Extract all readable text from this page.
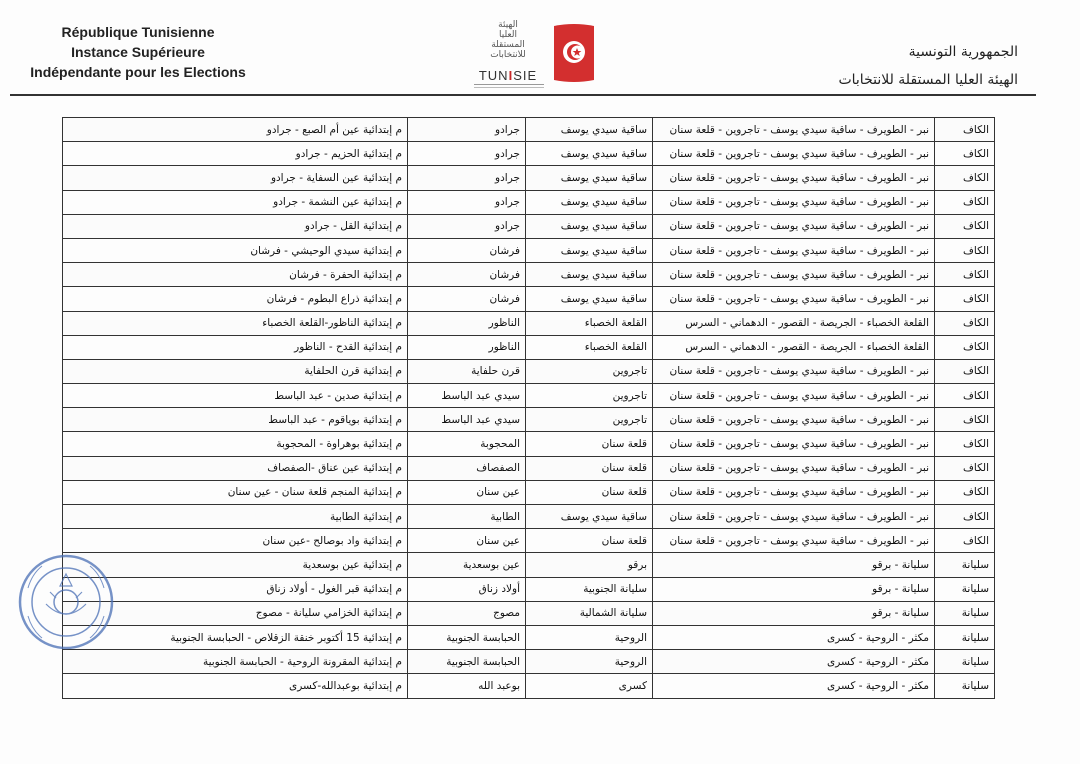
République Tunisienne
Instance Supérieure
Indépendante pour les Elections
الهيئة
العليا
المستقلة
للانتخابات
TUNISIE
الجمهورية التونسية
الهيئة العليا المستقلة للانتخابات
الكاف	نبر - الطويرف - ساقية سيدي يوسف - تاجروين - قلعة سنان	ساقية سيدي يوسف	جرادو	م إبتدائية عين أم الصبع - جرادو
الكاف	نبر - الطويرف - ساقية سيدي يوسف - تاجروين - قلعة سنان	ساقية سيدي يوسف	جرادو	م إبتدائية الحزيم - جرادو
الكاف	نبر - الطويرف - ساقية سيدي يوسف - تاجروين - قلعة سنان	ساقية سيدي يوسف	جرادو	م إبتدائية عين السفاية - جرادو
الكاف	نبر - الطويرف - ساقية سيدي يوسف - تاجروين - قلعة سنان	ساقية سيدي يوسف	جرادو	م إبتدائية عين النشمة - جرادو
الكاف	نبر - الطويرف - ساقية سيدي يوسف - تاجروين - قلعة سنان	ساقية سيدي يوسف	جرادو	م إبتدائية القل - جرادو
الكاف	نبر - الطويرف - ساقية سيدي يوسف - تاجروين - قلعة سنان	ساقية سيدي يوسف	فرشان	م إبتدائية سيدي الوحيشي - فرشان
الكاف	نبر - الطويرف - ساقية سيدي يوسف - تاجروين - قلعة سنان	ساقية سيدي يوسف	فرشان	م إبتدائية الحفرة - فرشان
الكاف	نبر - الطويرف - ساقية سيدي يوسف - تاجروين - قلعة سنان	ساقية سيدي يوسف	فرشان	م إبتدائية ذراع البطوم - فرشان
الكاف	القلعة الخصباء - الجريصة - القصور - الدهماني - السرس	القلعة الخصباء	الناظور	م إبتدائية الناظور-القلعة الخصباء
الكاف	القلعة الخصباء - الجريصة - القصور - الدهماني - السرس	القلعة الخصباء	الناظور	م إبتدائية القدح - الناظور
الكاف	نبر - الطويرف - ساقية سيدي يوسف - تاجروين - قلعة سنان	تاجروين	قرن حلفاية	م إبتدائية قرن الحلفاية
الكاف	نبر - الطويرف - ساقية سيدي يوسف - تاجروين - قلعة سنان	تاجروين	سيدي عبد الباسط	م إبتدائية صدين - عبد الباسط
الكاف	نبر - الطويرف - ساقية سيدي يوسف - تاجروين - قلعة سنان	تاجروين	سيدي عبد الباسط	م إبتدائية بوياقوم - عبد الباسط
الكاف	نبر - الطويرف - ساقية سيدي يوسف - تاجروين - قلعة سنان	قلعة سنان	المحجوبة	م إبتدائية بوهراوة - المحجوبة
الكاف	نبر - الطويرف - ساقية سيدي يوسف - تاجروين - قلعة سنان	قلعة سنان	الصفصاف	م إبتدائية عين عناق -الصفصاف
الكاف	نبر - الطويرف - ساقية سيدي يوسف - تاجروين - قلعة سنان	قلعة سنان	عين سنان	م إبتدائية المنجم قلعة سنان - عين سنان
الكاف	نبر - الطويرف - ساقية سيدي يوسف - تاجروين - قلعة سنان	ساقية سيدي يوسف	الطابية	م إبتدائية الطابية
الكاف	نبر - الطويرف - ساقية سيدي يوسف - تاجروين - قلعة سنان	قلعة سنان	عين سنان	م إبتدائية واد بوصالح -عين سنان
سليانة	سليانة - برقو	برقو	عين بوسعدية	م إبتدائية عين بوسعدية
سليانة	سليانة - برقو	سليانة الجنوبية	أولاد زناق	م إبتدائية قبر الغول - أولاد زناق
سليانة	سليانة - برقو	سليانة الشمالية	مصوج	م إبتدائية الخزامي سليانة - مصوج
سليانة	مكثر - الروحية - كسرى	الروحية	الحبابسة الجنوبية	م إبتدائية 15 أكتوبر خنقة الزقلاص - الحبابسة الجنوبية
سليانة	مكثر - الروحية - كسرى	الروحية	الحبابسة الجنوبية	م إبتدائية المقرونة الروحية - الحبابسة الجنوبية
سليانة	مكثر - الروحية - كسرى	كسرى	بوعبد الله	م إبتدائية بوعبدالله-كسرى
